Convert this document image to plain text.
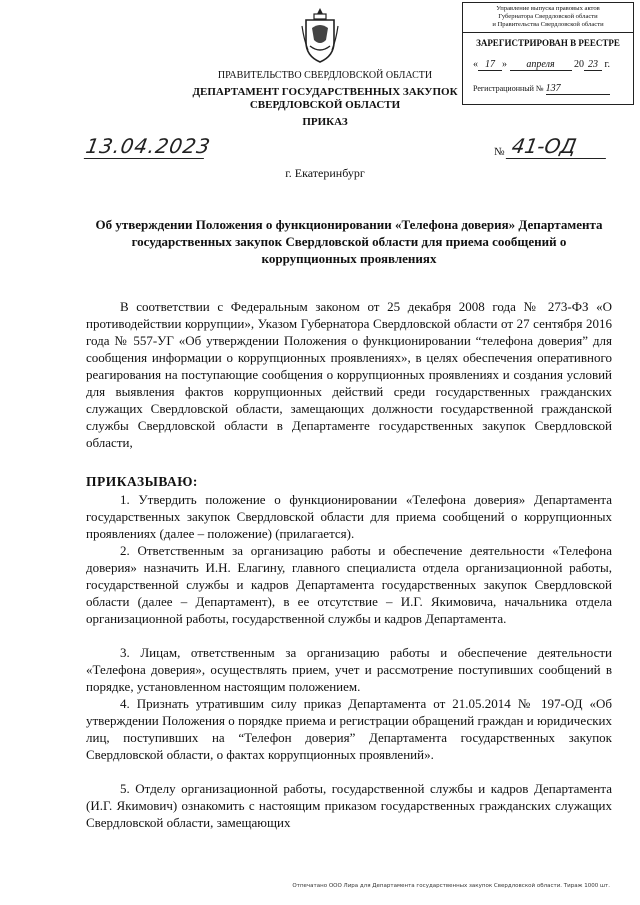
Управление выпуска правовых актов
Губернатора Свердловской области
и Правительства Свердловской области
ЗАРЕГИСТРИРОВАН В РЕЕСТРЕ
« 17 » апреля 20 23 г.
Регистрационный № 137
ПРАВИТЕЛЬСТВО СВЕРДЛОВСКОЙ ОБЛАСТИ
ДЕПАРТАМЕНТ ГОСУДАРСТВЕННЫХ ЗАКУПОК
СВЕРДЛОВСКОЙ ОБЛАСТИ
ПРИКАЗ
13.04.2023	№ 41-ОД
г. Екатеринбург
Об утверждении Положения о функционировании «Телефона доверия» Департамента государственных закупок Свердловской области для приема сообщений о коррупционных проявлениях
В соответствии с Федеральным законом от 25 декабря 2008 года № 273-ФЗ «О противодействии коррупции», Указом Губернатора Свердловской области от 27 сентября 2016 года № 557-УГ «Об утверждении Положения о функционировании “телефона доверия” для сообщения информации о коррупционных проявлениях», в целях обеспечения оперативного реагирования на поступающие сообщения о коррупционных проявлениях и создания условий для выявления фактов коррупционных действий среди государственных гражданских служащих Свердловской области, замещающих должности государственной гражданской службы Свердловской области в Департаменте государственных закупок Свердловской области,
ПРИКАЗЫВАЮ:
1. Утвердить положение о функционировании «Телефона доверия» Департамента государственных закупок Свердловской области для приема сообщений о коррупционных проявлениях (далее – положение) (прилагается).
2. Ответственным за организацию работы и обеспечение деятельности «Телефона доверия» назначить И.Н. Елагину, главного специалиста отдела организационной работы, государственной службы и кадров Департамента государственных закупок Свердловской области (далее – Департамент), в ее отсутствие – И.Г. Якимовича, начальника отдела организационной работы, государственной службы и кадров Департамента.
3. Лицам, ответственным за организацию работы и обеспечение деятельности «Телефона доверия», осуществлять прием, учет и рассмотрение поступивших сообщений в порядке, установленном настоящим положением.
4. Признать утратившим силу приказ Департамента от 21.05.2014 № 197-ОД «Об утверждении Положения о порядке приема и регистрации обращений граждан и юридических лиц, поступивших на “Телефон доверия” Департамента государственных закупок Свердловской области, о фактах коррупционных проявлений».
5. Отделу организационной работы, государственной службы и кадров Департамента (И.Г. Якимович) ознакомить с настоящим приказом государственных гражданских служащих Свердловской области, замещающих
Отпечатано ООО Лира для Департамента государственных закупок Свердловской области. Тираж 1000 шт.
